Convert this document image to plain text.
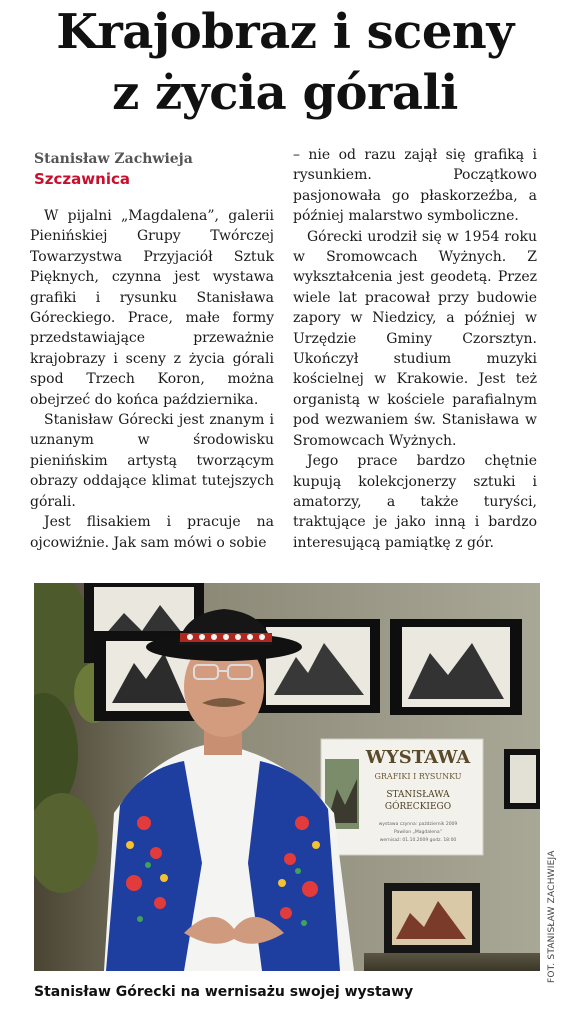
Krajobraz i sceny
z życia górali
Stanisław Zachwieja
Szczawnica

W pijalni „Magdalena”, galerii Pienińskiej Grupy Twórczej Towarzystwa Przyjaciół Sztuk Pięknych, czynna jest wystawa grafiki i rysunku Stanisława Góreckiego. Prace, małe formy przedstawiające przeważnie krajobrazy i sceny z życia górali spod Trzech Koron, można obejrzeć do końca października.

Stanisław Górecki jest znanym i uznanym w środowisku pienińskim artystą tworzącym obrazy oddające klimat tutejszych górali.

Jest flisakiem i pracuje na ojcowiźnie. Jak sam mówi o sobie

– nie od razu zajął się grafiką i rysunkiem. Początkowo pasjonowała go płaskorzeźba, a później malarstwo symboliczne.

Górecki urodził się w 1954 roku w Sromowcach Wyżnych. Z wykształcenia jest geodetą. Przez wiele lat pracował przy budowie zapory w Niedzicy, a później w Urzędzie Gminy Czorsztyn. Ukończył studium muzyki kościelnej w Krakowie. Jest też organistą w kościele parafialnym pod wezwaniem św. Stanisława w Sromowcach Wyżnych.

Jego prace bardzo chętnie kupują kolekcjonerzy sztuki i amatorzy, a także turyści, traktujące je jako inną i bardzo interesującą pamiątkę z gór.

WYSTAWA
GRAFIKI I RYSUNKU
STANISŁAWA
GÓRECKIEGO
wystawa czynna: październik 2009
Pawilon „Magdalena”
wernisaż: 01.10.2009 godz. 18:00
FOT. STANISŁAW ZACHWIEJA
Stanisław Górecki na wernisażu swojej wystawy
